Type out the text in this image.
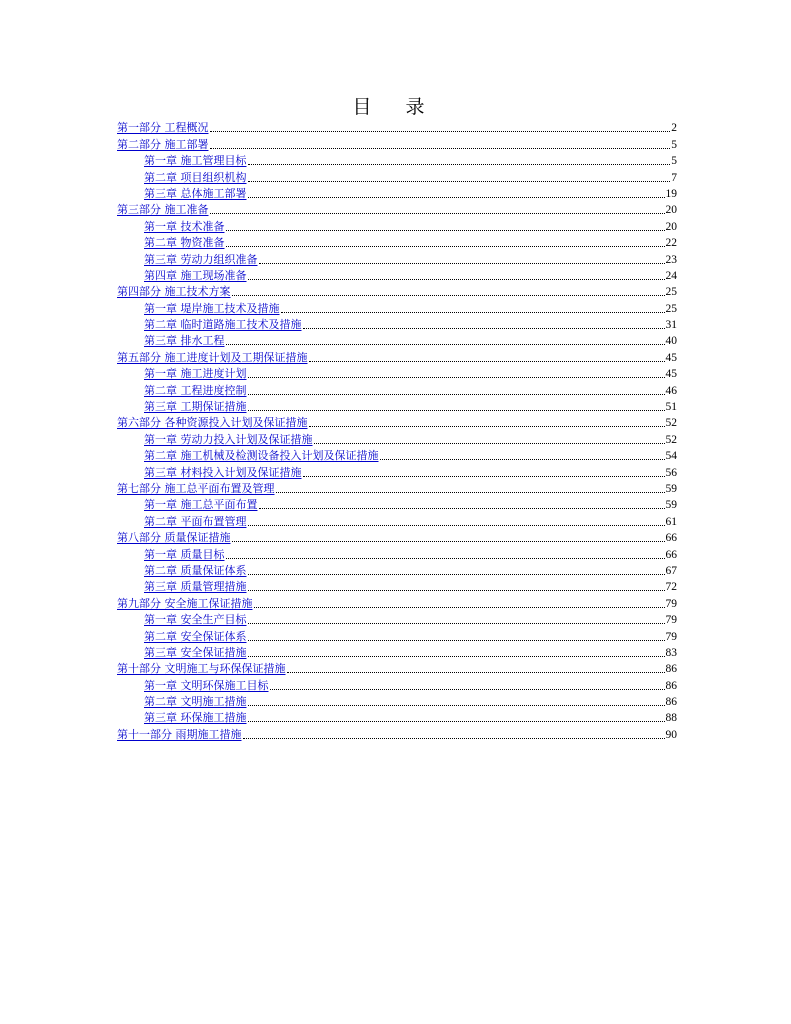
目 录
第一部分 工程概况	2
第二部分 施工部署	5
第一章 施工管理目标	5
第二章 项目组织机构	7
第三章 总体施工部署	19
第三部分 施工准备	20
第一章 技术准备	20
第二章 物资准备	22
第三章 劳动力组织准备	23
第四章 施工现场准备	24
第四部分 施工技术方案	25
第一章 堤岸施工技术及措施	25
第二章 临时道路施工技术及措施	31
第三章 排水工程	40
第五部分 施工进度计划及工期保证措施	45
第一章 施工进度计划	45
第二章 工程进度控制	46
第三章 工期保证措施	51
第六部分 各种资源投入计划及保证措施	52
第一章 劳动力投入计划及保证措施	52
第二章 施工机械及检测设备投入计划及保证措施	54
第三章 材料投入计划及保证措施	56
第七部分 施工总平面布置及管理	59
第一章 施工总平面布置	59
第二章 平面布置管理	61
第八部分 质量保证措施	66
第一章 质量目标	66
第二章 质量保证体系	67
第三章 质量管理措施	72
第九部分 安全施工保证措施	79
第一章 安全生产目标	79
第二章 安全保证体系	79
第三章 安全保证措施	83
第十部分 文明施工与环保保证措施	86
第一章 文明环保施工目标	86
第二章 文明施工措施	86
第三章 环保施工措施	88
第十一部分 雨期施工措施	90
